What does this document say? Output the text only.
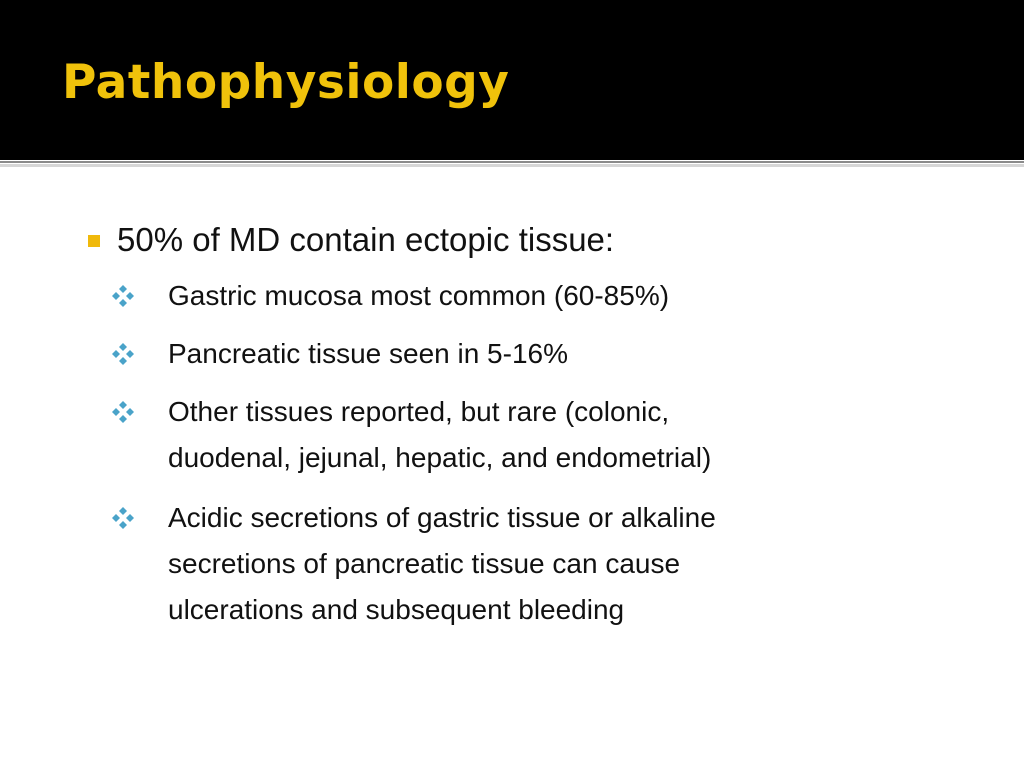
Pathophysiology
50% of MD contain ectopic tissue:
Gastric mucosa most common (60-85%)
Pancreatic tissue seen in 5-16%
Other tissues reported, but rare (colonic,
duodenal, jejunal, hepatic, and endometrial)
Acidic secretions of gastric tissue or alkaline
secretions of pancreatic tissue can cause
ulcerations and subsequent bleeding
